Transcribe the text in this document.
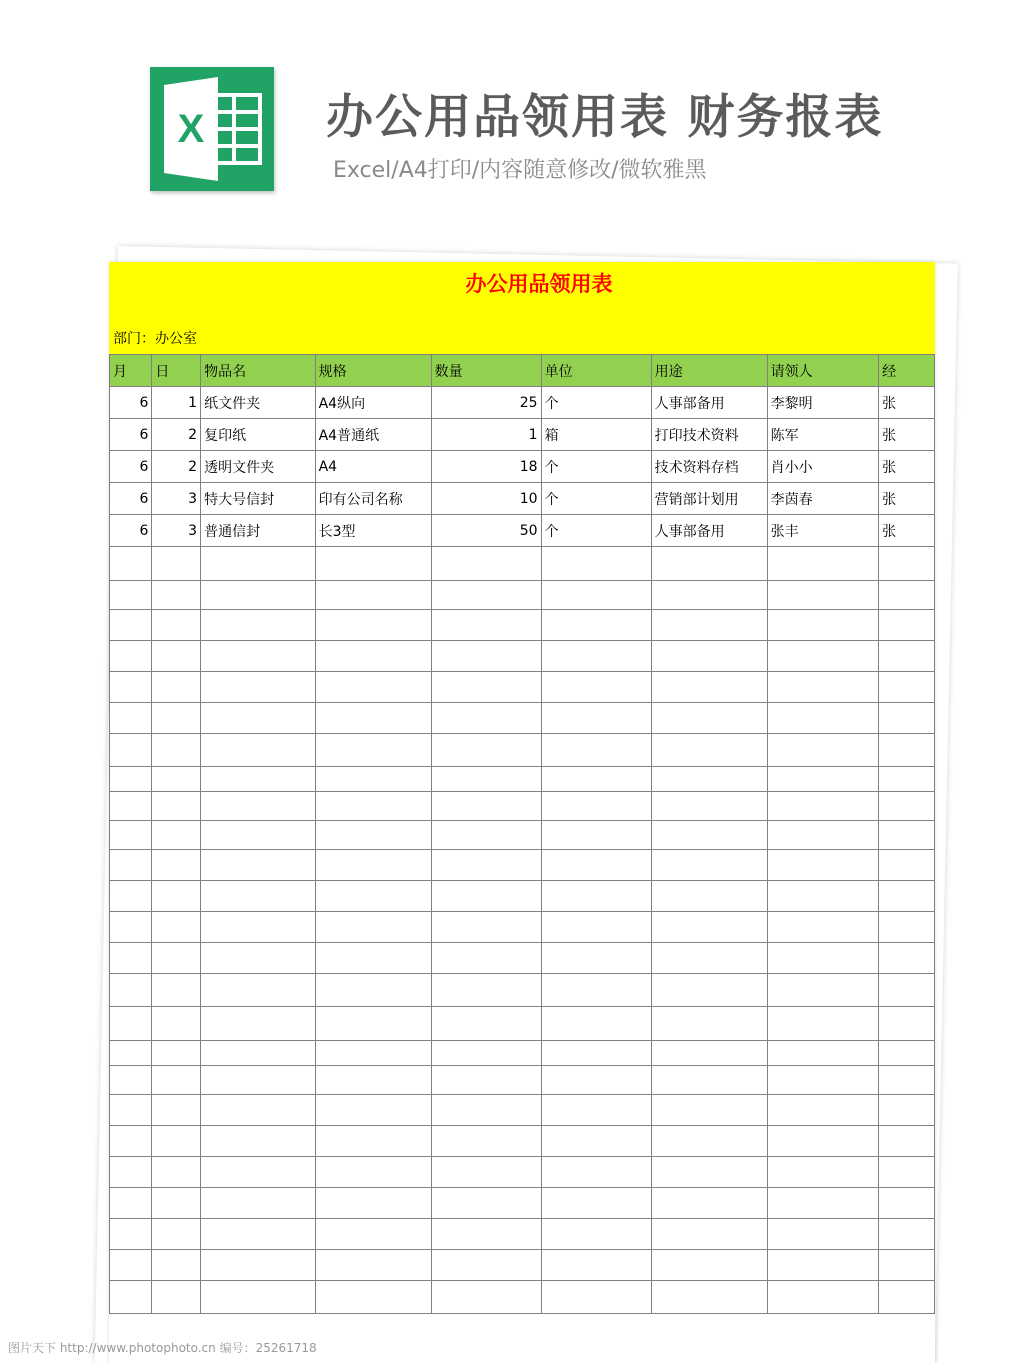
X	办公用品领用表 财务报表
Excel/A4打印/内容随意修改/微软雅黑
办公用品领用表
部门：办公室
月	日	物品名	规格	数量	单位	用途	请领人	经
6	1	纸文件夹	A4纵向	25	个	人事部备用	李黎明	张
6	2	复印纸	A4普通纸	1	箱	打印技术资料	陈军	张
6	2	透明文件夹	A4	18	个	技术资料存档	肖小小	张
6	3	特大号信封	印有公司名称	10	个	营销部计划用	李茵春	张
6	3	普通信封	长3型	50	个	人事部备用	张丰	张

图片天下 http://www.photophoto.cn 编号：25261718
